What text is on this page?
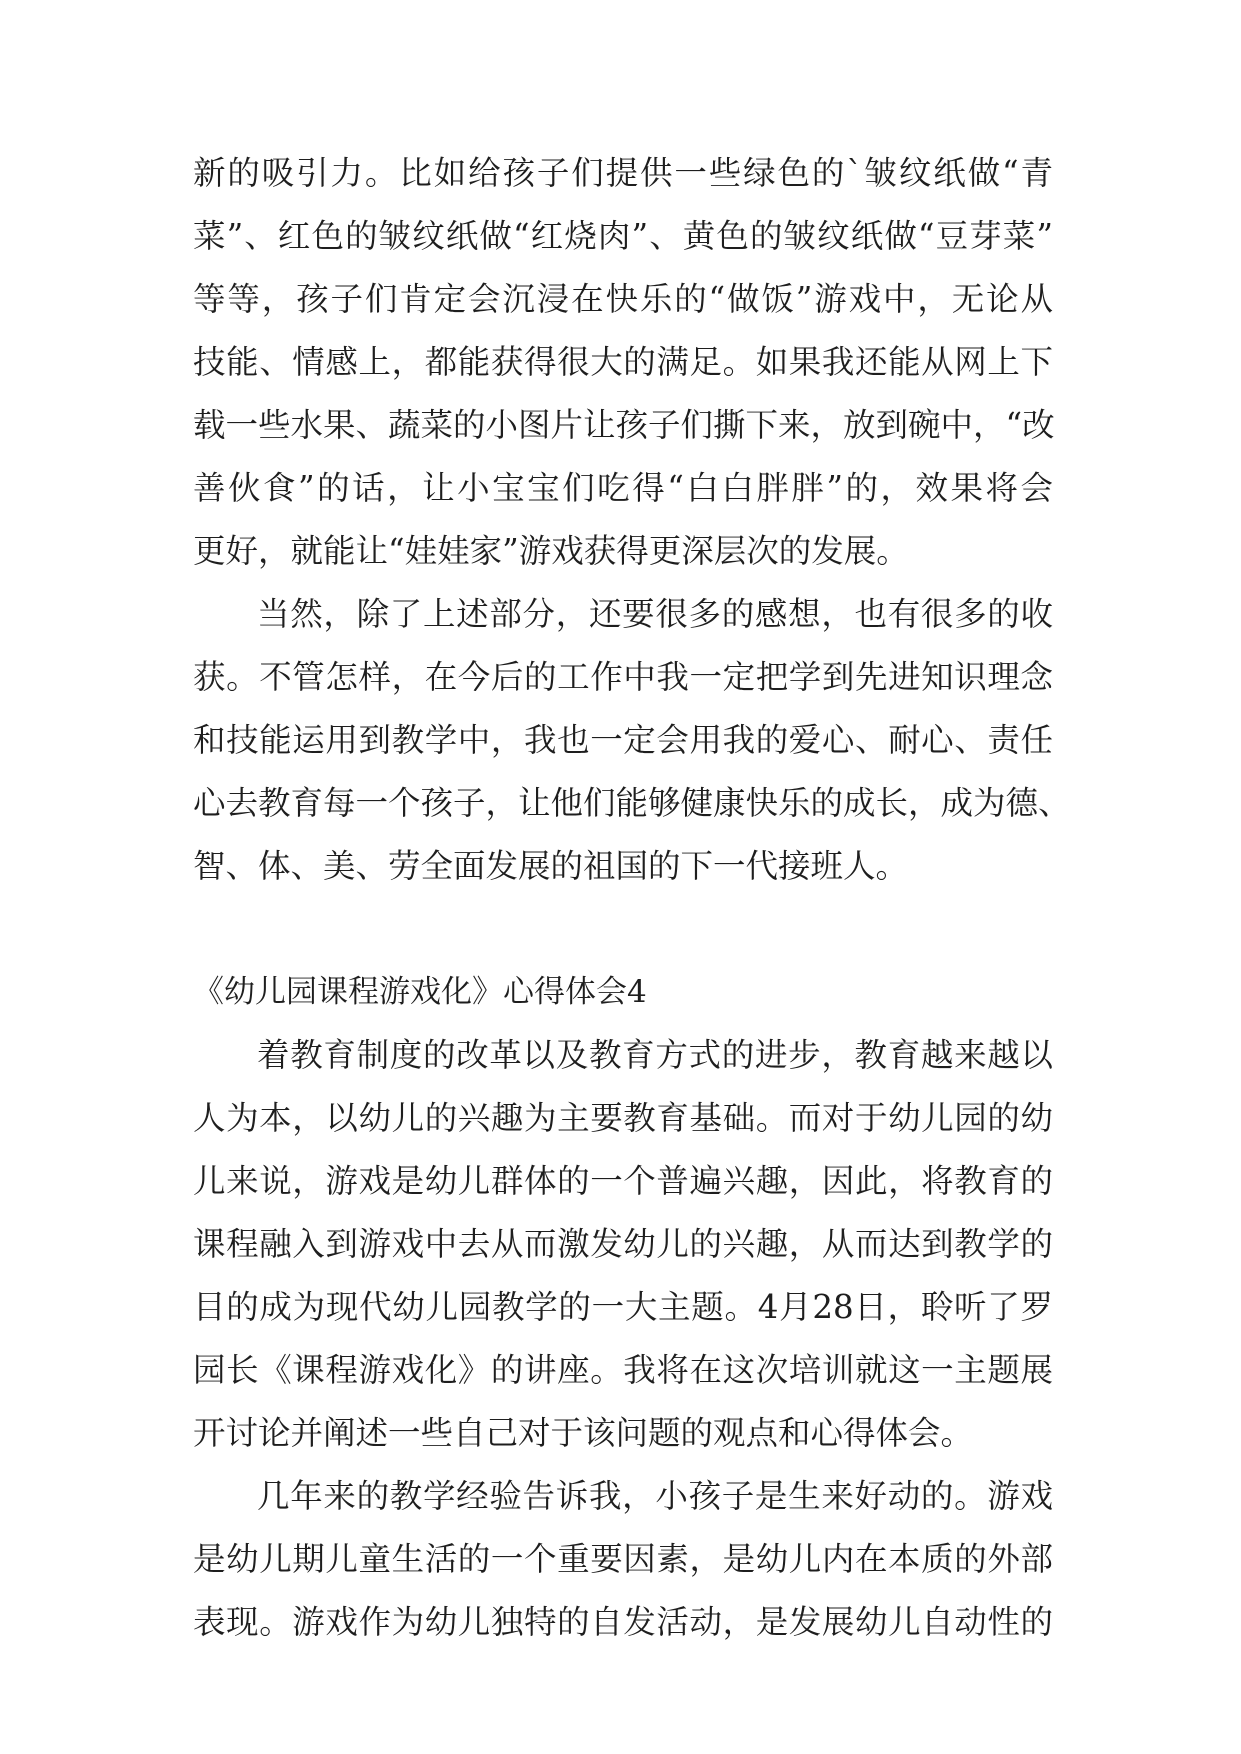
新的吸引力。比如给孩子们提供一些绿色的`皱纹纸做“青
菜”、红色的皱纹纸做“红烧肉”、黄色的皱纹纸做“豆芽菜”
等等，孩子们肯定会沉浸在快乐的“做饭”游戏中，无论从
技能、情感上，都能获得很大的满足。如果我还能从网上下
载一些水果、蔬菜的小图片让孩子们撕下来，放到碗中，“改
善伙食”的话，让小宝宝们吃得“白白胖胖”的，效果将会
更好，就能让“娃娃家”游戏获得更深层次的发展。
当然，除了上述部分，还要很多的感想，也有很多的收
获。不管怎样，在今后的工作中我一定把学到先进知识理念
和技能运用到教学中，我也一定会用我的爱心、耐心、责任
心去教育每一个孩子，让他们能够健康快乐的成长，成为德、
智、体、美、劳全面发展的祖国的下一代接班人。
《幼儿园课程游戏化》心得体会4
着教育制度的改革以及教育方式的进步，教育越来越以
人为本，以幼儿的兴趣为主要教育基础。而对于幼儿园的幼
儿来说，游戏是幼儿群体的一个普遍兴趣，因此，将教育的
课程融入到游戏中去从而激发幼儿的兴趣，从而达到教学的
目的成为现代幼儿园教学的一大主题。4月28日，聆听了罗
园长《课程游戏化》的讲座。我将在这次培训就这一主题展
开讨论并阐述一些自己对于该问题的观点和心得体会。
几年来的教学经验告诉我，小孩子是生来好动的。游戏
是幼儿期儿童生活的一个重要因素，是幼儿内在本质的外部
表现。游戏作为幼儿独特的自发活动，是发展幼儿自动性的
